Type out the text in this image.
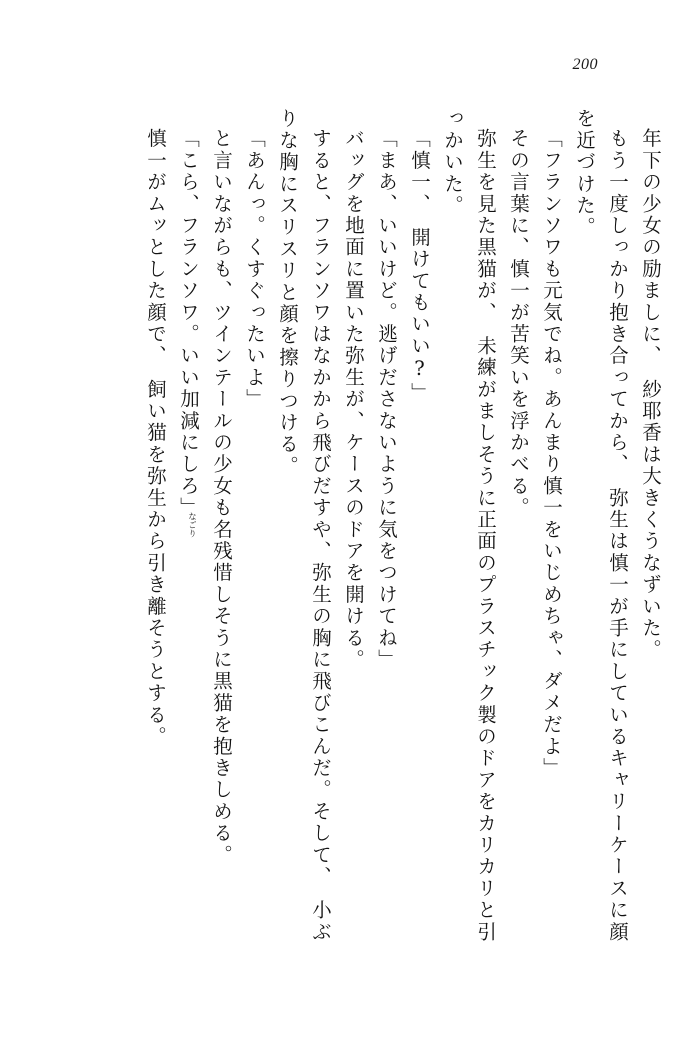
200
年下の少女の励ましに、　紗耶香は大きくうなずいた。
もう一度しっかり抱き合ってから、　弥生は慎一が手にしているキャリーケースに顔
を近づけた。
「フランソワも元気でね。あんまり慎一をいじめちゃ、ダメだよ」
その言葉に、慎一が苦笑いを浮かべる。
弥生を見た黒猫が、　未練がましそうに正面のプラスチック製のドアをカリカリと引
っかいた。
「慎一、　開けてもいい?」
「まあ、いいけど。逃げださないように気をつけてね」
バッグを地面に置いた弥生が、ケースのドアを開ける。
すると、フランソワはなかから飛びだすや、弥生の胸に飛びこんだ。そして、　小ぶ
りな胸にスリスリと顔を擦りつける。
「あんっ。くすぐったいよ」
と言いながらも、ツインテールの少女も名残惜しそうに黒猫を抱きしめる。
なごり
「こら、フランソワ。いい加減にしろ」
慎一がムッとした顔で、　飼い猫を弥生から引き離そうとする。
